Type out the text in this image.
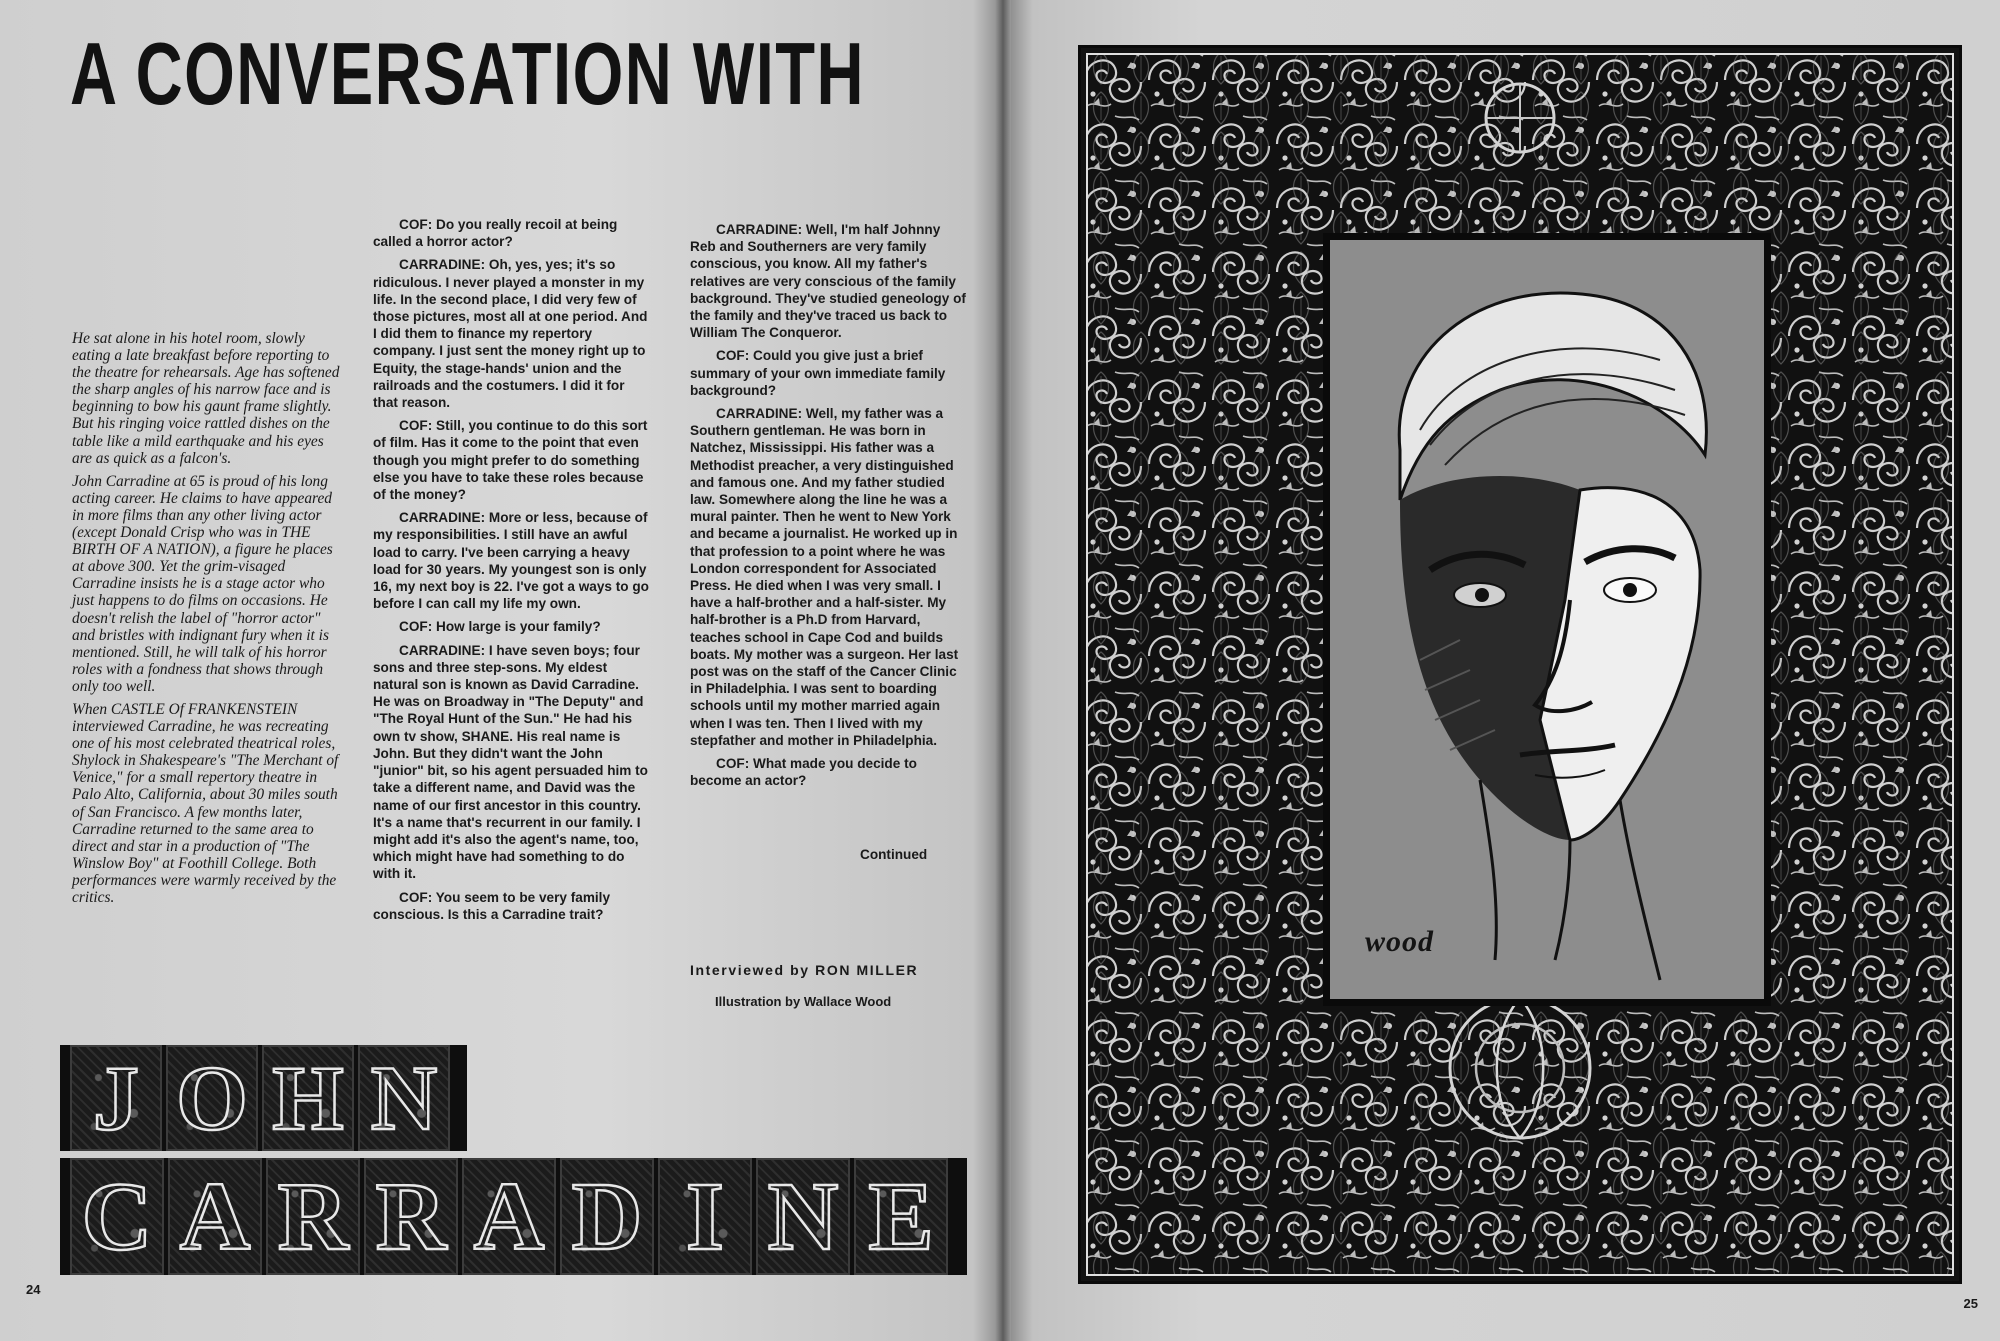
A CONVERSATION WITH

He sat alone in his hotel room, slowly eating a late breakfast before reporting to the theatre for rehearsals. Age has softened the sharp angles of his narrow face and is beginning to bow his gaunt frame slightly. But his ringing voice rattled dishes on the table like a mild earthquake and his eyes are as quick as a falcon's.

John Carradine at 65 is proud of his long acting career. He claims to have appeared in more films than any other living actor (except Donald Crisp who was in THE BIRTH OF A NATION), a figure he places at above 300. Yet the grim-visaged Carradine insists he is a stage actor who just happens to do films on occasions. He doesn't relish the label of "horror actor" and bristles with indignant fury when it is mentioned. Still, he will talk of his horror roles with a fondness that shows through only too well.

When CASTLE Of FRANKENSTEIN interviewed Carradine, he was recreating one of his most celebrated theatrical roles, Shylock in Shakespeare's "The Merchant of Venice," for a small repertory theatre in Palo Alto, California, about 30 miles south of San Francisco. A few months later, Carradine returned to the same area to direct and star in a production of "The Winslow Boy" at Foothill College. Both performances were warmly received by the critics.

COF: Do you really recoil at being called a horror actor?

CARRADINE: Oh, yes, yes; it's so ridiculous. I never played a monster in my life. In the second place, I did very few of those pictures, most all at one period. And I did them to finance my repertory company. I just sent the money right up to Equity, the stage-hands' union and the railroads and the costumers. I did it for that reason.

COF: Still, you continue to do this sort of film. Has it come to the point that even though you might prefer to do something else you have to take these roles because of the money?

CARRADINE: More or less, because of my responsibilities. I still have an awful load to carry. I've been carrying a heavy load for 30 years. My youngest son is only 16, my next boy is 22. I've got a ways to go before I can call my life my own.

COF: How large is your family?

CARRADINE: I have seven boys; four sons and three step-sons. My eldest natural son is known as David Carradine. He was on Broadway in "The Deputy" and "The Royal Hunt of the Sun." He had his own tv show, SHANE. His real name is John. But they didn't want the John "junior" bit, so his agent persuaded him to take a different name, and David was the name of our first ancestor in this country. It's a name that's recurrent in our family. I might add it's also the agent's name, too, which might have had something to do with it.

COF: You seem to be very family conscious. Is this a Carradine trait?

CARRADINE: Well, I'm half Johnny Reb and Southerners are very family conscious, you know. All my father's relatives are very conscious of the family background. They've studied geneology of the family and they've traced us back to William The Conqueror.

COF: Could you give just a brief summary of your own immediate family background?

CARRADINE: Well, my father was a Southern gentleman. He was born in Natchez, Mississippi. His father was a Methodist preacher, a very distinguished and famous one. And my father studied law. Somewhere along the line he was a mural painter. Then he went to New York and became a journalist. He worked up in that profession to a point where he was London correspondent for Associated Press. He died when I was very small. I have a half-brother and a half-sister. My half-brother is a Ph.D from Harvard, teaches school in Cape Cod and builds boats. My mother was a surgeon. Her last post was on the staff of the Cancer Clinic in Philadelphia. I was sent to boarding schools until my mother married again when I was ten. Then I lived with my stepfather and mother in Philadelphia.

COF: What made you decide to become an actor?

Continued
Interviewed by RON MILLER
Illustration by Wallace Wood
J O H N
C A R R A D I N E
24
wood
25
